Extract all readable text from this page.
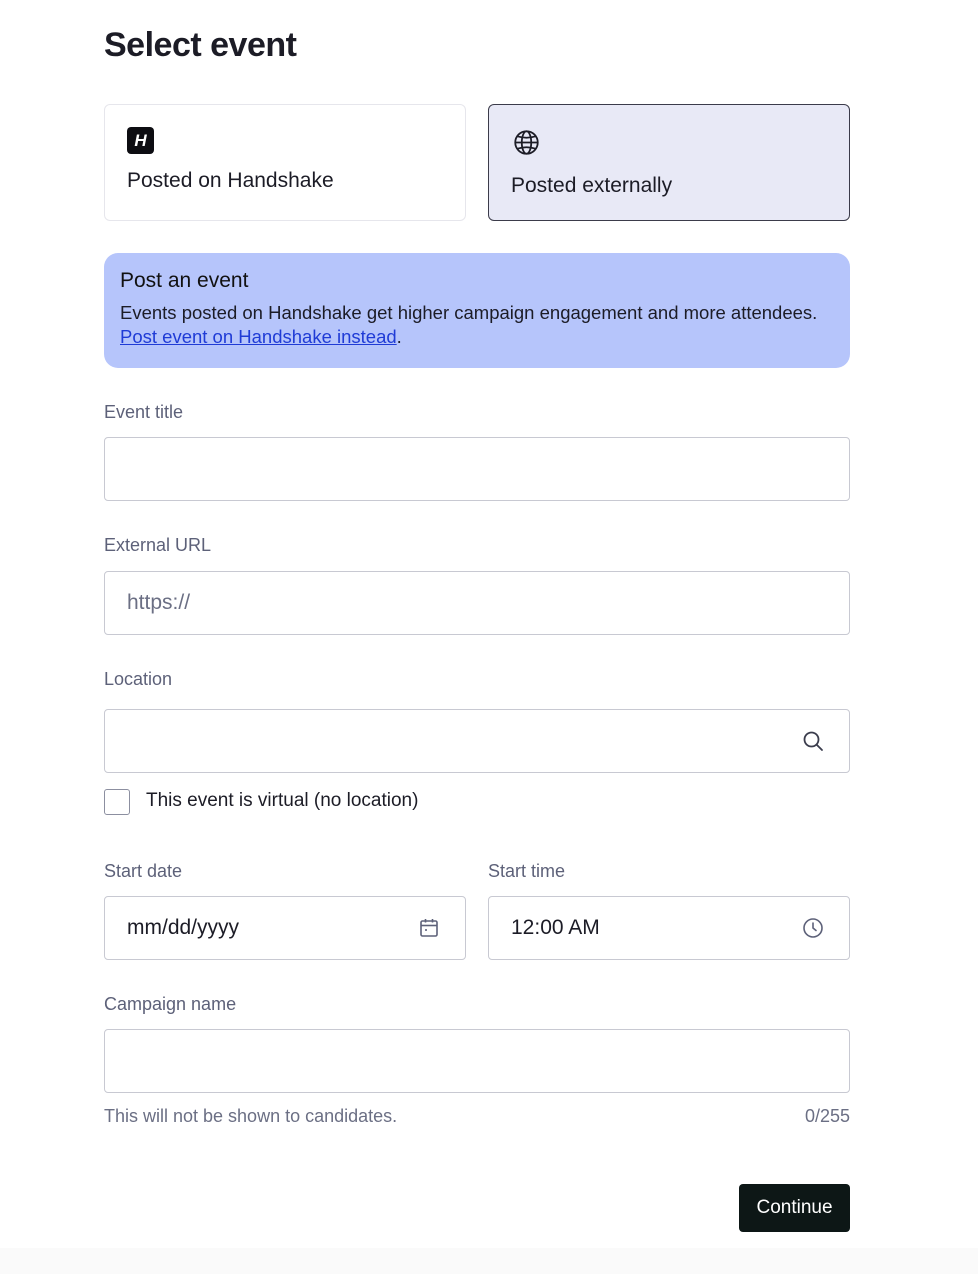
Select event
H
Posted on Handshake	Posted externally
Post an event

Events posted on Handshake get higher campaign engagement and more attendees. Post event on Handshake instead.

Event title
External URL
https://
Location
This event is virtual (no location)
Start date
mm/dd/yyyy
Start time
12:00 AM
Campaign name
This will not be shown to candidates.	0/255
Continue
